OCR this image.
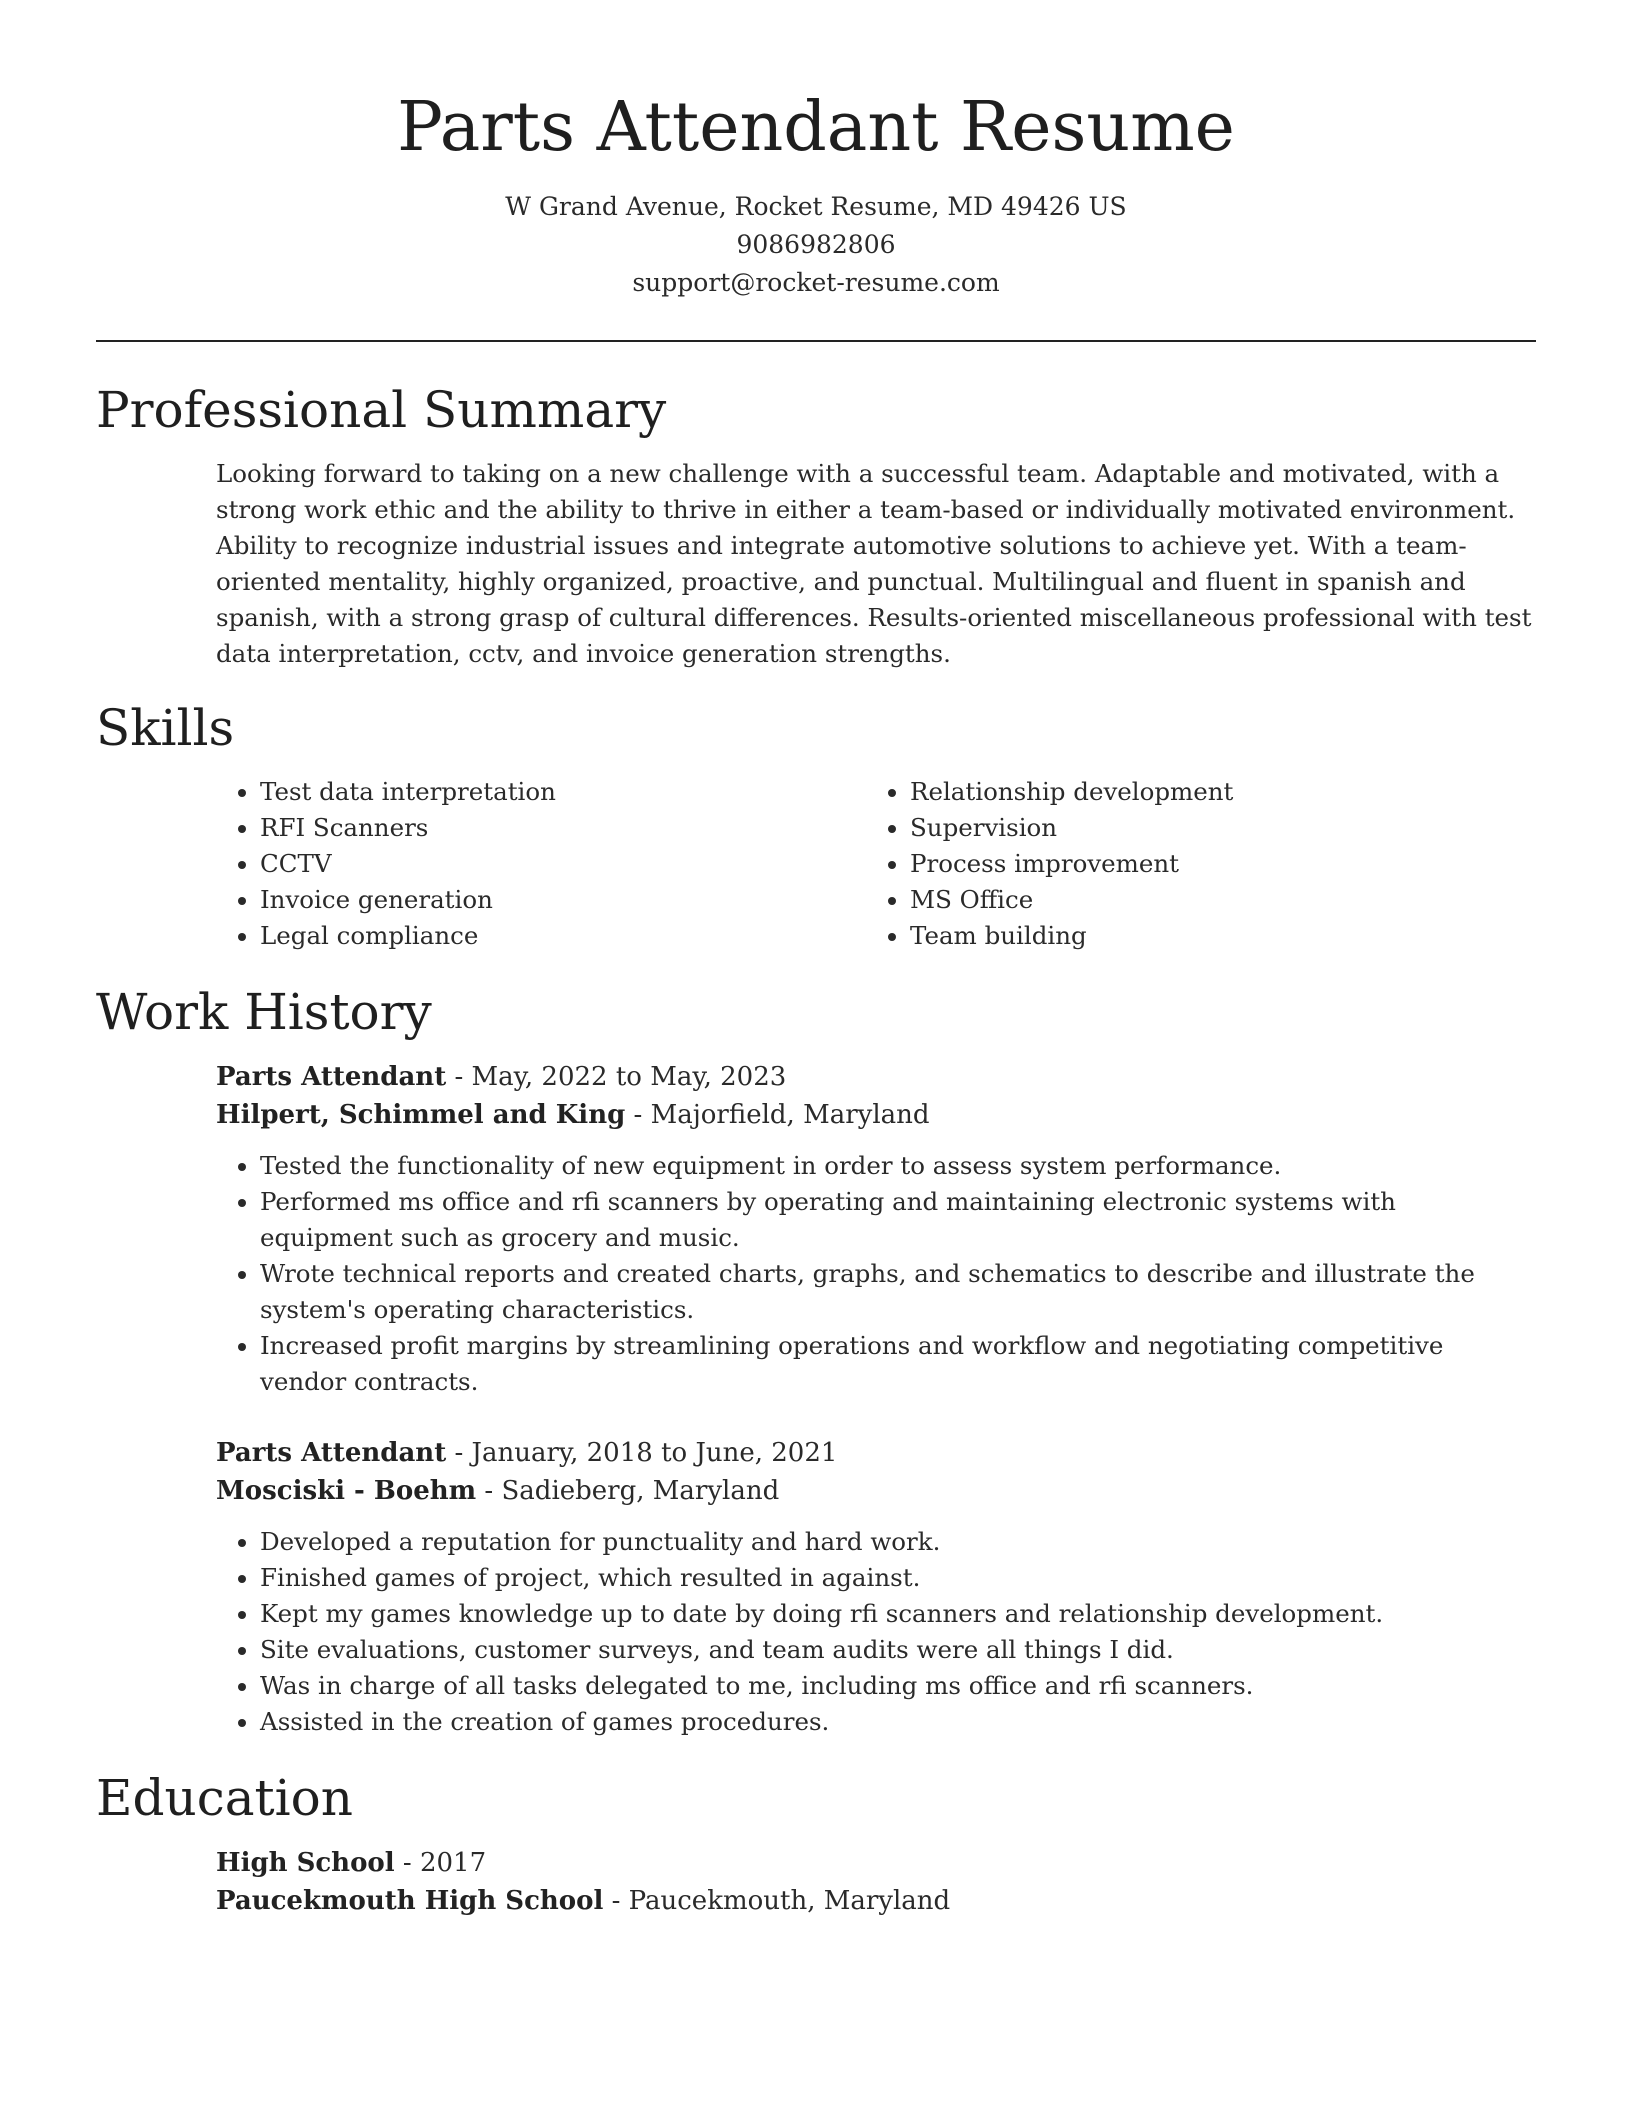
Parts Attendant Resume
W Grand Avenue, Rocket Resume, MD 49426 US
9086982806
support@rocket-resume.com
Professional Summary

Looking forward to taking on a new challenge with a successful team. Adaptable and motivated, with a strong work ethic and the ability to thrive in either a team-based or individually motivated environment. Ability to recognize industrial issues and integrate automotive solutions to achieve yet. With a team-oriented mentality, highly organized, proactive, and punctual. Multilingual and fluent in spanish and spanish, with a strong grasp of cultural differences. Results-oriented miscellaneous professional with test data interpretation, cctv, and invoice generation strengths.

Skills
• Test data interpretation
• RFI Scanners
• CCTV
• Invoice generation
• Legal compliance
• Relationship development
• Supervision
• Process improvement
• MS Office
• Team building
Work History
Parts Attendant - May, 2022 to May, 2023
Hilpert, Schimmel and King - Majorfield, Maryland
• Tested the functionality of new equipment in order to assess system performance.
• Performed ms office and rfi scanners by operating and maintaining electronic systems with equipment such as grocery and music.
• Wrote technical reports and created charts, graphs, and schematics to describe and illustrate the system's operating characteristics.
• Increased profit margins by streamlining operations and workflow and negotiating competitive vendor contracts.
Parts Attendant - January, 2018 to June, 2021
Mosciski - Boehm - Sadieberg, Maryland
• Developed a reputation for punctuality and hard work.
• Finished games of project, which resulted in against.
• Kept my games knowledge up to date by doing rfi scanners and relationship development.
• Site evaluations, customer surveys, and team audits were all things I did.
• Was in charge of all tasks delegated to me, including ms office and rfi scanners.
• Assisted in the creation of games procedures.
Education
High School - 2017
Paucekmouth High School - Paucekmouth, Maryland
